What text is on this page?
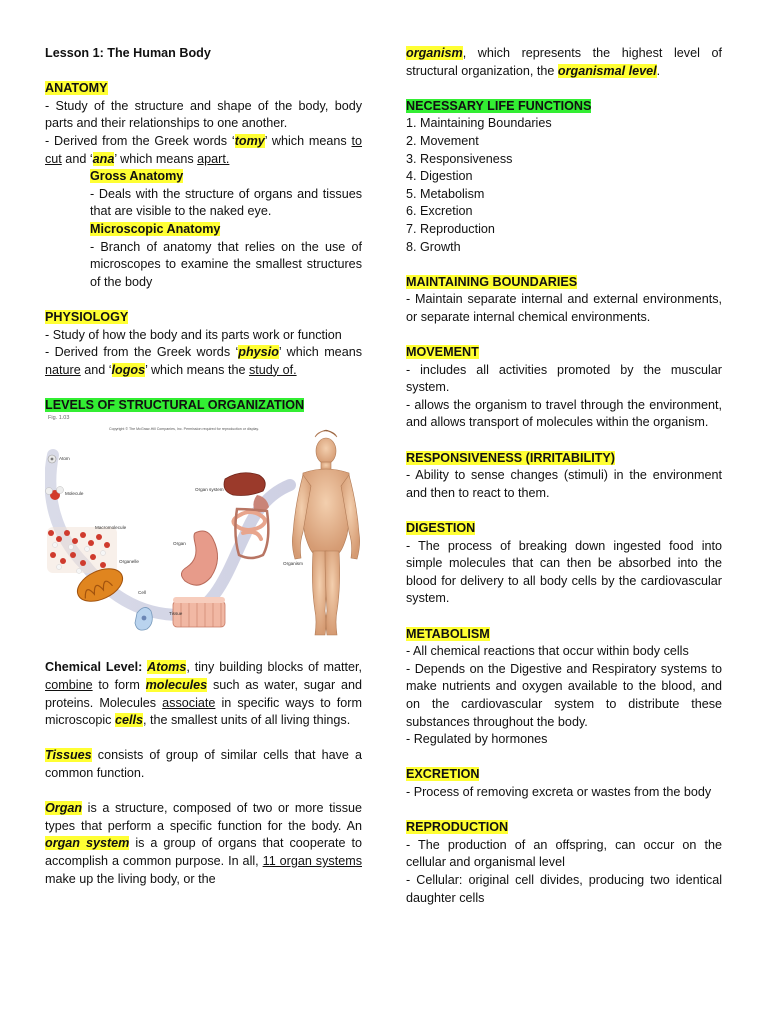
Lesson 1: The Human Body

ANATOMY

- Study of the structure and shape of the body, body parts and their relationships to one another.

- Derived from the Greek words ‘tomy’ which means to cut and ‘ana’ which means apart.

Gross Anatomy

- Deals with the structure of organs and tissues that are visible to the naked eye.

Microscopic Anatomy

- Branch of anatomy that relies on the use of microscopes to examine the smallest structures of the body

PHYSIOLOGY

- Study of how the body and its parts work or function

- Derived from the Greek words ‘physio’ which means nature and ‘logos’ which means the study of.

LEVELS OF STRUCTURAL ORGANIZATION

Fig. 1.03
Copyright © The McGraw-Hill Companies, Inc. Permission required for reproduction or display.
Atom
Molecule
Macromolecule
Organelle
Cell
Tissue
Organ
Organ system
Organism

Chemical Level: Atoms, tiny building blocks of matter, combine to form molecules such as water, sugar and proteins. Molecules associate in specific ways to form microscopic cells, the smallest units of all living things.

Tissues consists of group of similar cells that have a common function.

Organ is a structure, composed of two or more tissue types that perform a specific function for the body. An organ system is a group of organs that cooperate to accomplish a common purpose. In all, 11 organ systems make up the living body, or the

organism, which represents the highest level of structural organization, the organismal level.

NECESSARY LIFE FUNCTIONS

1. Maintaining Boundaries
2. Movement
3. Responsiveness
4. Digestion
5. Metabolism
6. Excretion
7. Reproduction
8. Growth

MAINTAINING BOUNDARIES

- Maintain separate internal and external environments, or separate internal chemical environments.

MOVEMENT

- includes all activities promoted by the muscular system.

- allows the organism to travel through the environment, and allows transport of molecules within the organism.

RESPONSIVENESS (IRRITABILITY)

- Ability to sense changes (stimuli) in the environment and then to react to them.

DIGESTION

- The process of breaking down ingested food into simple molecules that can then be absorbed into the blood for delivery to all body cells by the cardiovascular system.

METABOLISM

- All chemical reactions that occur within body cells

- Depends on the Digestive and Respiratory systems to make nutrients and oxygen available to the blood, and on the cardiovascular system to distribute these substances throughout the body.

- Regulated by hormones

EXCRETION

- Process of removing excreta or wastes from the body

REPRODUCTION

- The production of an offspring, can occur on the cellular and organismal level

- Cellular: original cell divides, producing two identical daughter cells
